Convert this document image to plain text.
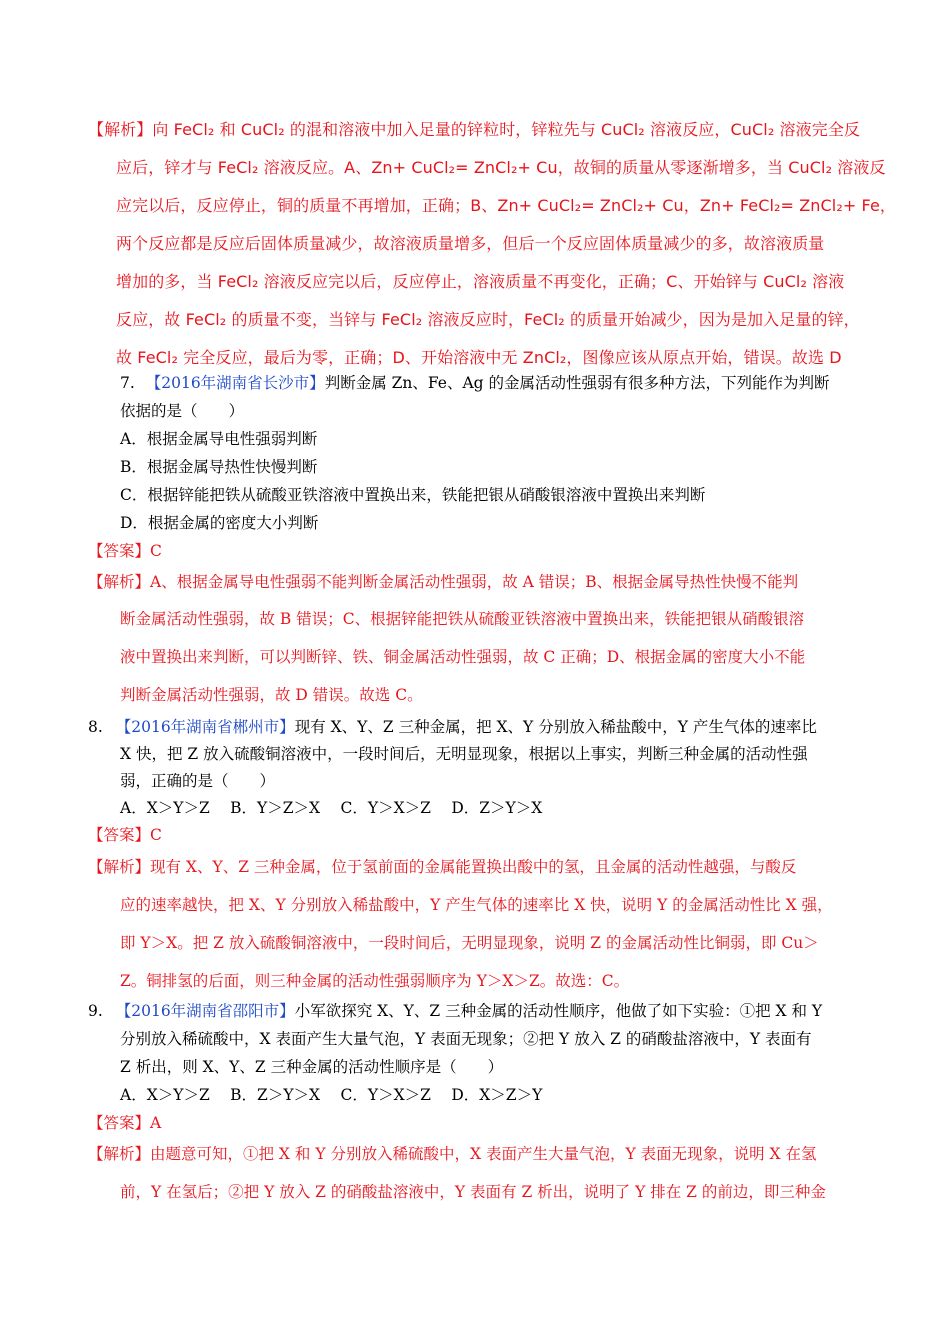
【解析】向 FeCl₂ 和 CuCl₂ 的混和溶液中加入足量的锌粒时，锌粒先与 CuCl₂ 溶液反应，CuCl₂ 溶液完全反
应后，锌才与 FeCl₂ 溶液反应。A、Zn+ CuCl₂= ZnCl₂+ Cu，故铜的质量从零逐渐增多，当 CuCl₂ 溶液反
应完以后，反应停止，铜的质量不再增加，正确；B、Zn+ CuCl₂= ZnCl₂+ Cu，Zn+ FeCl₂= ZnCl₂+ Fe，
两个反应都是反应后固体质量减少，故溶液质量增多，但后一个反应固体质量减少的多，故溶液质量
增加的多，当 FeCl₂ 溶液反应完以后，反应停止，溶液质量不再变化，正确；C、开始锌与 CuCl₂ 溶液
反应，故 FeCl₂ 的质量不变，当锌与 FeCl₂ 溶液反应时，FeCl₂ 的质量开始减少，因为是加入足量的锌，
故 FeCl₂ 完全反应，最后为零，正确；D、开始溶液中无 ZnCl₂，图像应该从原点开始，错误。故选 D
7. 【2016年湖南省长沙市】判断金属 Zn、Fe、Ag 的金属活动性强弱有很多种方法，下列能作为判断
依据的是（　　）
A．根据金属导电性强弱判断
B．根据金属导热性快慢判断
C．根据锌能把铁从硫酸亚铁溶液中置换出来，铁能把银从硝酸银溶液中置换出来判断
D．根据金属的密度大小判断
【答案】C
【解析】A、根据金属导电性强弱不能判断金属活动性强弱，故 A 错误；B、根据金属导热性快慢不能判
断金属活动性强弱，故 B 错误；C、根据锌能把铁从硫酸亚铁溶液中置换出来，铁能把银从硝酸银溶
液中置换出来判断，可以判断锌、铁、铜金属活动性强弱，故 C 正确；D、根据金属的密度大小不能
判断金属活动性强弱，故 D 错误。故选 C。
8. 【2016年湖南省郴州市】现有 X、Y、Z 三种金属，把 X、Y 分别放入稀盐酸中，Y 产生气体的速率比
X 快，把 Z 放入硫酸铜溶液中，一段时间后，无明显现象，根据以上事实，判断三种金属的活动性强
弱，正确的是（　　）
A．X＞Y＞Z　 B．Y＞Z＞X　 C．Y＞X＞Z　 D．Z＞Y＞X
【答案】C
【解析】现有 X、Y、Z 三种金属，位于氢前面的金属能置换出酸中的氢，且金属的活动性越强，与酸反
应的速率越快，把 X、Y 分别放入稀盐酸中，Y 产生气体的速率比 X 快，说明 Y 的金属活动性比 X 强，
即 Y＞X。把 Z 放入硫酸铜溶液中，一段时间后，无明显现象，说明 Z 的金属活动性比铜弱，即 Cu＞
Z。铜排氢的后面，则三种金属的活动性强弱顺序为 Y＞X＞Z。故选：C。
9. 【2016年湖南省邵阳市】小军欲探究 X、Y、Z 三种金属的活动性顺序，他做了如下实验：①把 X 和 Y
分别放入稀硫酸中，X 表面产生大量气泡，Y 表面无现象；②把 Y 放入 Z 的硝酸盐溶液中，Y 表面有
Z 析出，则 X、Y、Z 三种金属的活动性顺序是（　　）
A．X＞Y＞Z　 B．Z＞Y＞X　 C．Y＞X＞Z　 D．X＞Z＞Y
【答案】A
【解析】由题意可知，①把 X 和 Y 分别放入稀硫酸中，X 表面产生大量气泡，Y 表面无现象，说明 X 在氢
前，Y 在氢后；②把 Y 放入 Z 的硝酸盐溶液中，Y 表面有 Z 析出，说明了 Y 排在 Z 的前边，即三种金
